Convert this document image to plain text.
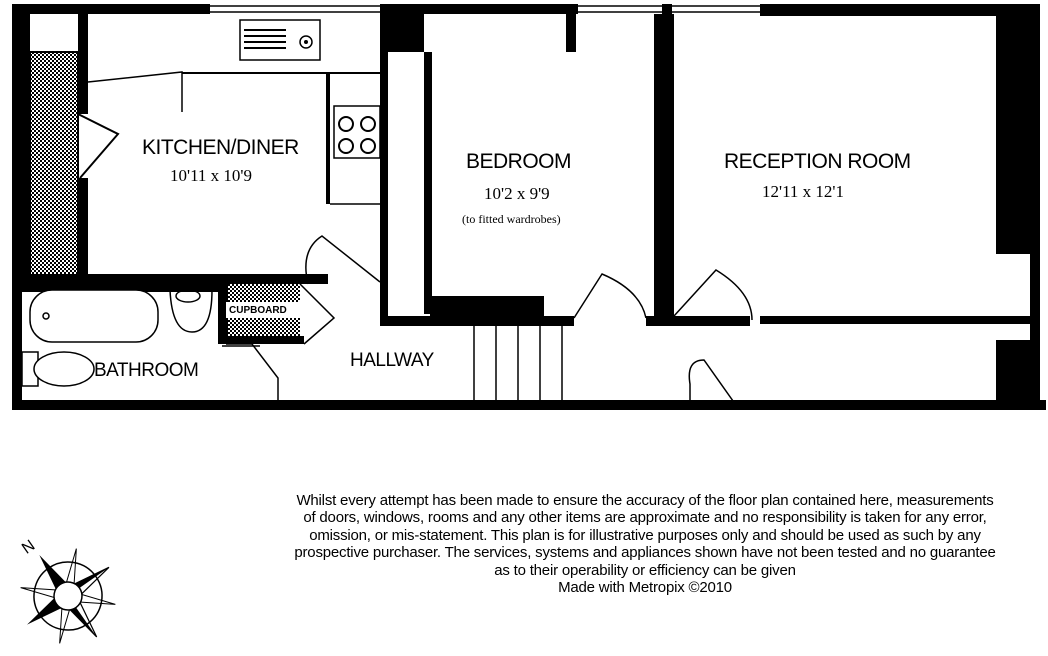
KITCHEN/DINER
10'11 x 10'9
BEDROOM
10'2 x 9'9
(to fitted wardrobes)
RECEPTION ROOM
12'11 x 12'1
BATHROOM	HALLWAY
CUPBOARD
Whilst every attempt has been made to ensure the accuracy of the floor plan contained here, measurements
of doors, windows, rooms and any other items are approximate and no responsibility is taken for any error,
omission, or mis-statement. This plan is for illustrative purposes only and should be used as such by any
prospective purchaser. The services, systems and appliances shown have not been tested and no guarantee
as to their operability or efficiency can be given
Made with Metropix ©2010
N
